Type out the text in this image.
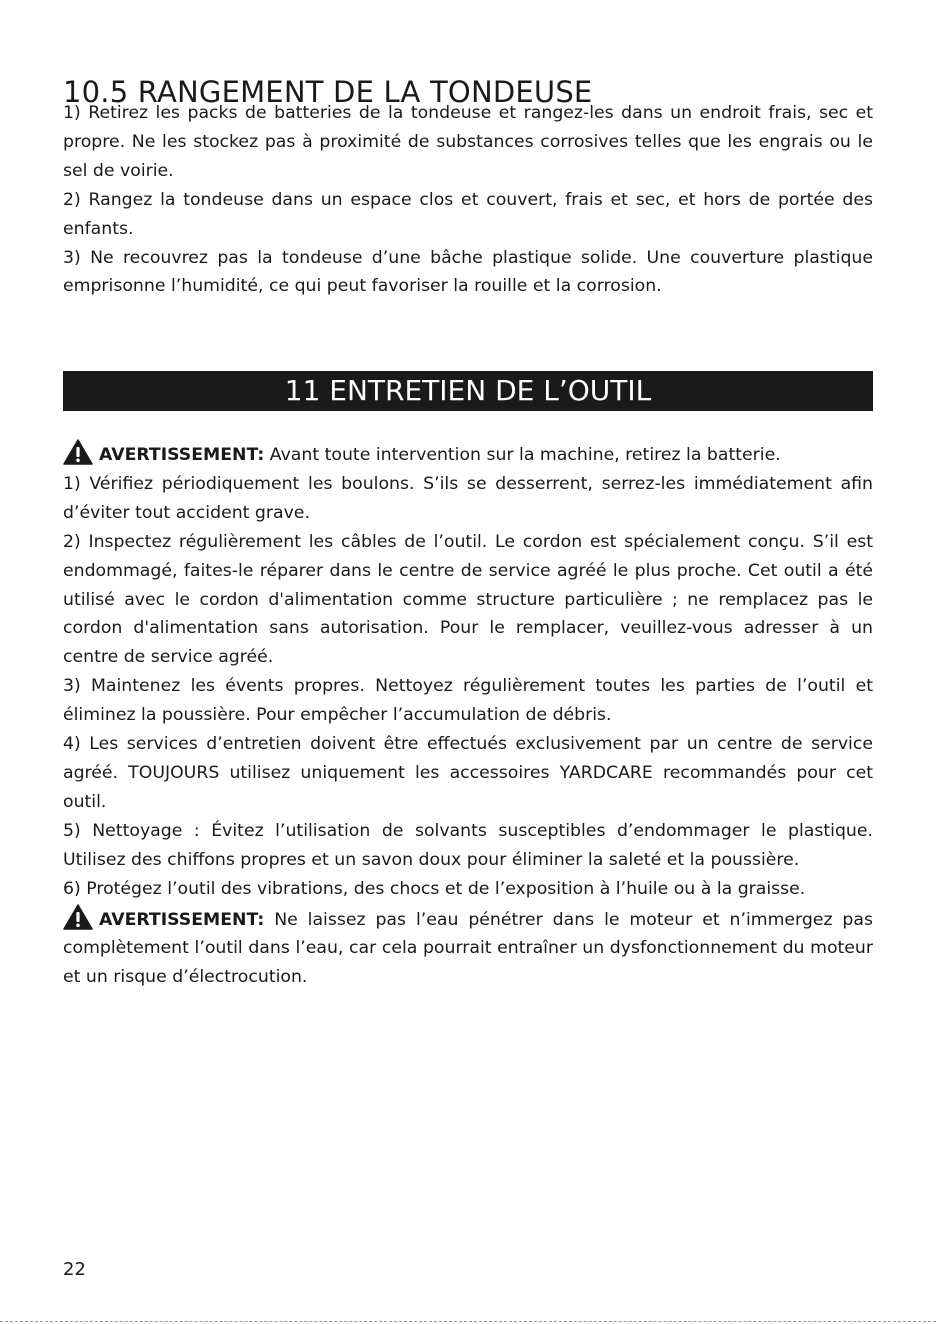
10.5 RANGEMENT DE LA TONDEUSE

1) Retirez les packs de batteries de la tondeuse et rangez-les dans un endroit frais, sec et propre. Ne les stockez pas à proximité de substances corrosives telles que les engrais ou le sel de voirie.

2) Rangez la tondeuse dans un espace clos et couvert, frais et sec, et hors de portée des enfants.

3) Ne recouvrez pas la tondeuse d’une bâche plastique solide. Une couverture plastique emprisonne l’humidité, ce qui peut favoriser la rouille et la corrosion.

11 ENTRETIEN DE L’OUTIL

AVERTISSEMENT: Avant toute intervention sur la machine, retirez la batterie.

1) Vérifiez périodiquement les boulons. S’ils se desserrent, serrez-les immédiatement afin d’éviter tout accident grave.

2) Inspectez régulièrement les câbles de l’outil. Le cordon est spécialement conçu. S’il est endommagé, faites-le réparer dans le centre de service agréé le plus proche. Cet outil a été utilisé avec le cordon d'alimentation comme structure particulière ; ne remplacez pas le cordon d'alimentation sans autorisation. Pour le remplacer, veuillez-vous adresser à un centre de service agréé.

3) Maintenez les évents propres. Nettoyez régulièrement toutes les parties de l’outil et éliminez la poussière. Pour empêcher l’accumulation de débris.

4) Les services d’entretien doivent être effectués exclusivement par un centre de service agréé. TOUJOURS utilisez uniquement les accessoires YARDCARE recommandés pour cet outil.

5) Nettoyage : Évitez l’utilisation de solvants susceptibles d’endommager le plastique. Utilisez des chiffons propres et un savon doux pour éliminer la saleté et la poussière.

6) Protégez l’outil des vibrations, des chocs et de l’exposition à l’huile ou à la graisse.

AVERTISSEMENT: Ne laissez pas l’eau pénétrer dans le moteur et n’immergez pas complètement l’outil dans l’eau, car cela pourrait entraîner un dysfonctionnement du moteur et un risque d’électrocution.

22
